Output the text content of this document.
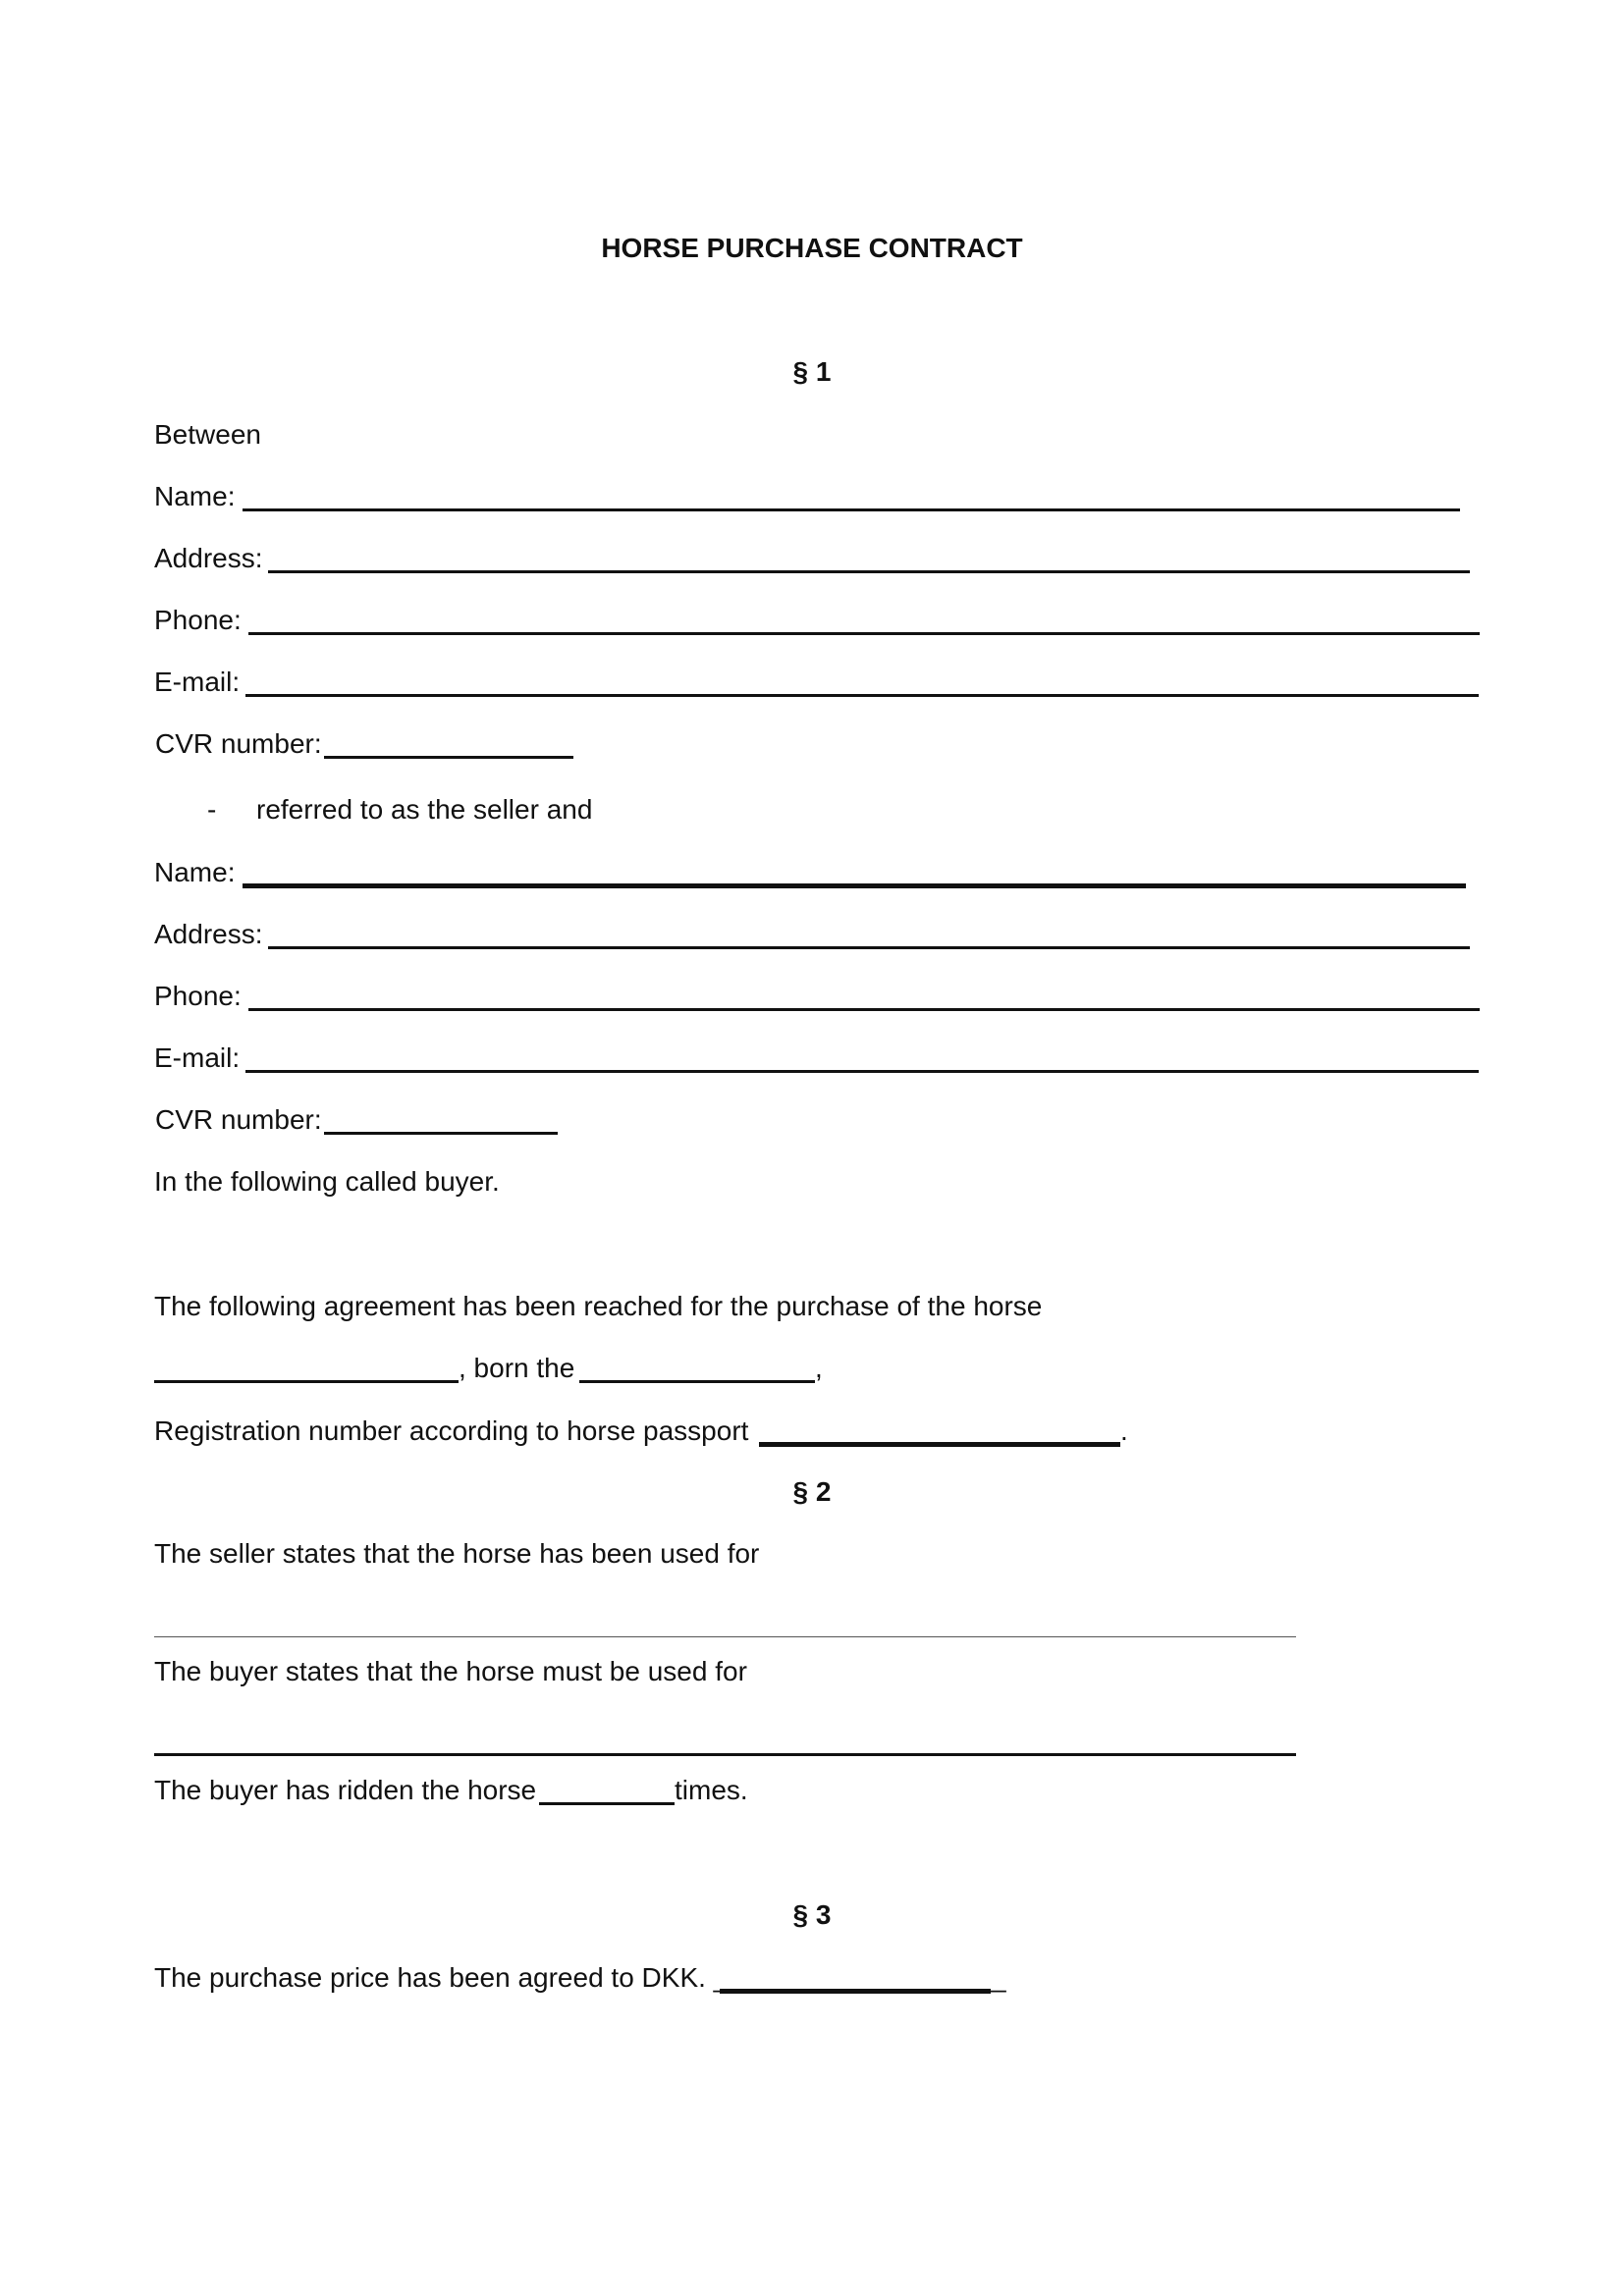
HORSE PURCHASE CONTRACT
§ 1
Between
Name:
Address:
Phone:
E-mail:
CVR number:
- referred to as the seller and
Name:
Address:
Phone:
E-mail:
CVR number:
In the following called buyer.
The following agreement has been reached for the purchase of the horse
, born the	,
Registration number according to horse passport	.
§ 2
The seller states that the horse has been used for
The buyer states that the horse must be used for
The buyer has ridden the horse	times.
§ 3
The purchase price has been agreed to DKK. _	_
